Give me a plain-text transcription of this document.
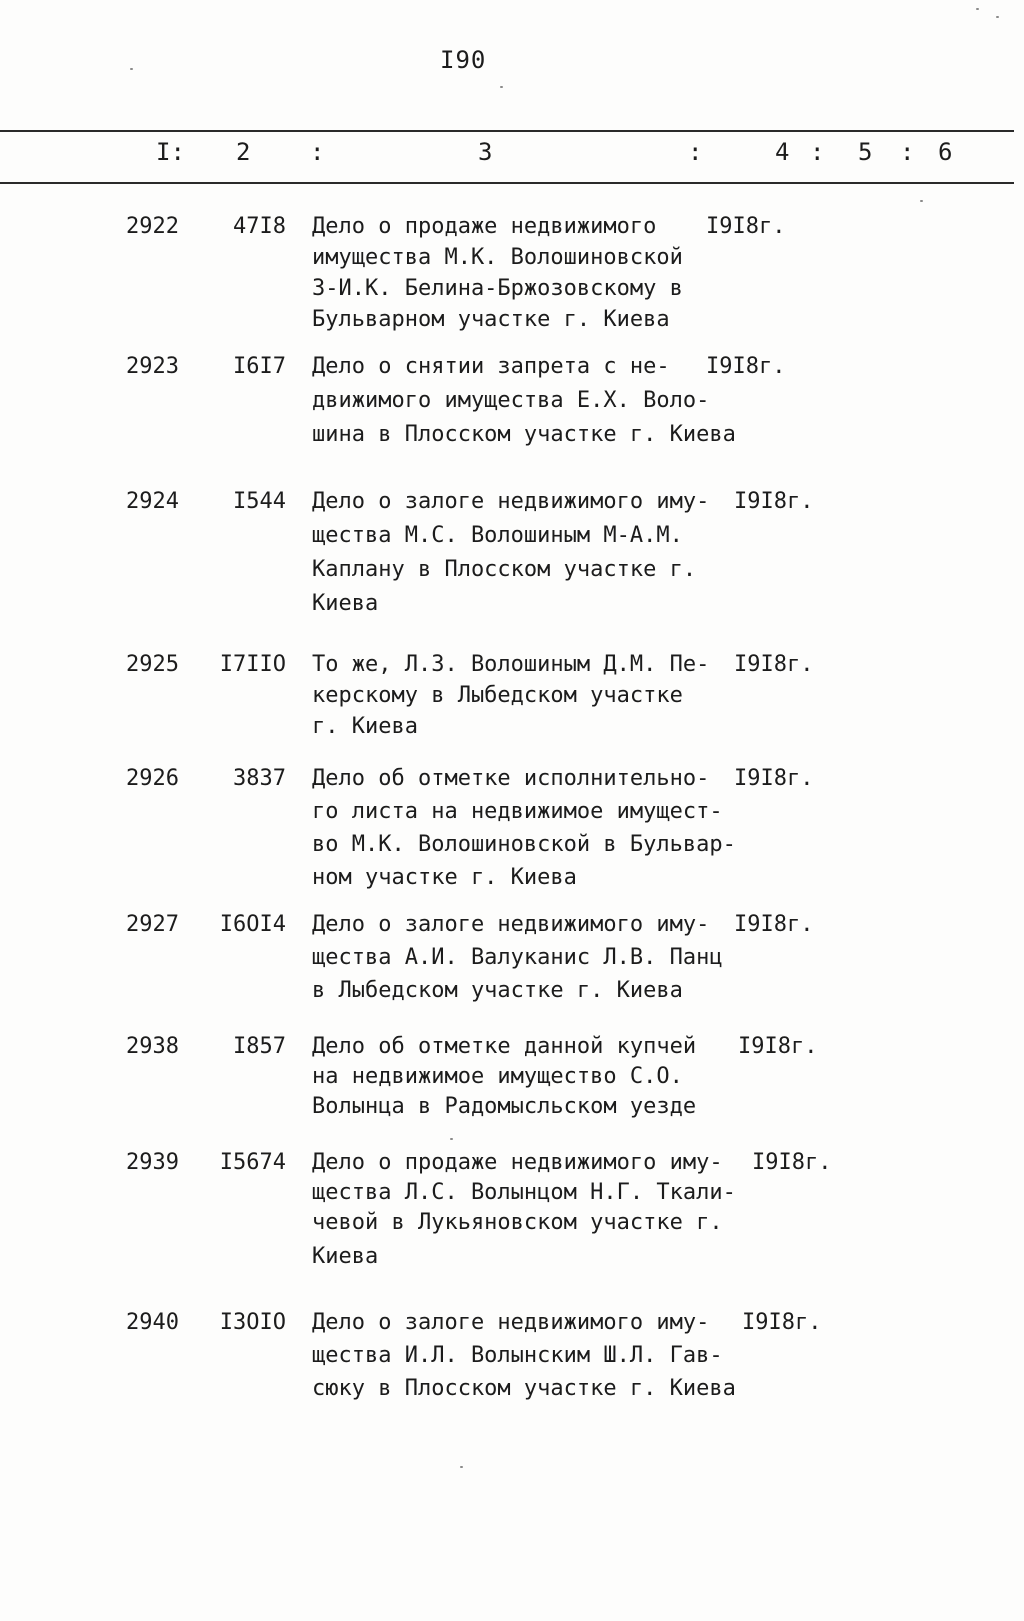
I90
I: 2 :	3	:	4 : 5 : 6
2922 47I8 Дело о продаже недвижимого
имущества М.К. Волошиновской
З-И.К. Белина-Бржозовскому в
Бульварном участке г. Киева
I9I8г.
2923 I6I7 Дело о снятии запрета с не-
движимого имущества Е.Х. Воло-
шина в Плосском участке г. Киева
I9I8г.
2924 I544 Дело о залоге недвижимого иму-
щества М.С. Волошиным М-А.М.
Каплану в Плосском участке г.
Киева
I9I8г.
2925 I7IIO То же, Л.З. Волошиным Д.М. Пе-
керскому в Лыбедском участке
г. Киева
I9I8г.
2926 3837 Дело об отметке исполнительно-
го листа на недвижимое имущест-
во М.К. Волошиновской в Бульвар-
ном участке г. Киева
I9I8г.
2927 I6OI4 Дело о залоге недвижимого иму-
щества А.И. Валуканис Л.В. Панц
в Лыбедском участке г. Киева
I9I8г.
2938 I857 Дело об отметке данной купчей
на недвижимое имущество С.О.
Волынца в Радомысльском уезде
I9I8г.
2939 I5674 Дело о продаже недвижимого иму-
щества Л.С. Волынцом Н.Г. Ткали-
чевой в Лукьяновском участке г.
Киева
I9I8г.
2940 I3OIO Дело о залоге недвижимого иму-
щества И.Л. Волынским Ш.Л. Гав-
сюку в Плосском участке г. Киева
I9I8г.
